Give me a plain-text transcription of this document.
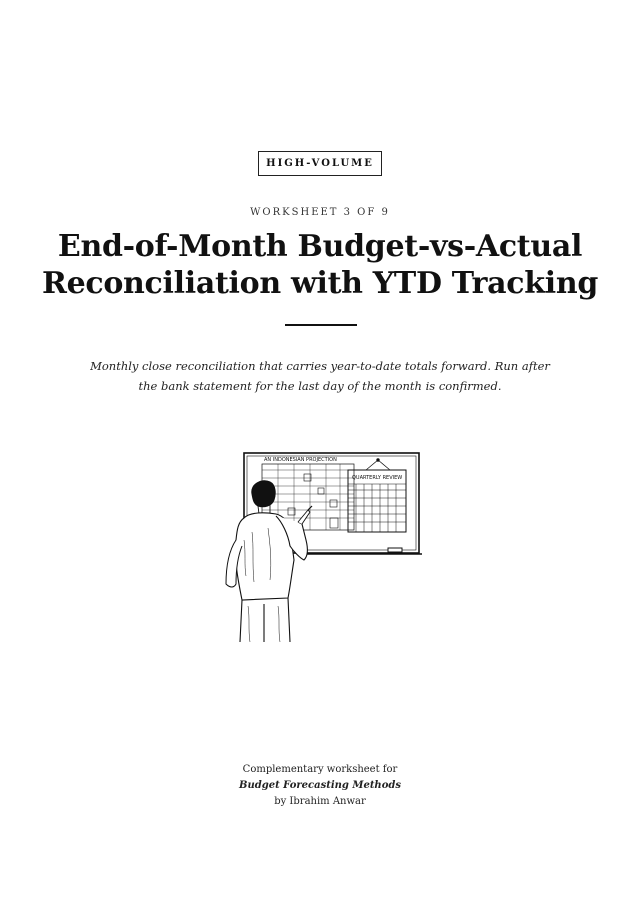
HIGH-VOLUME
WORKSHEET 3 OF 9
End-of-Month Budget-vs-Actual Reconciliation with YTD Tracking

Monthly close reconciliation that carries year-to-date totals forward. Run after the bank statement for the last day of the month is confirmed.

AN INDONESIAN PROJECTION
QUARTERLY REVIEW
Complementary worksheet for
Budget Forecasting Methods
by Ibrahim Anwar
